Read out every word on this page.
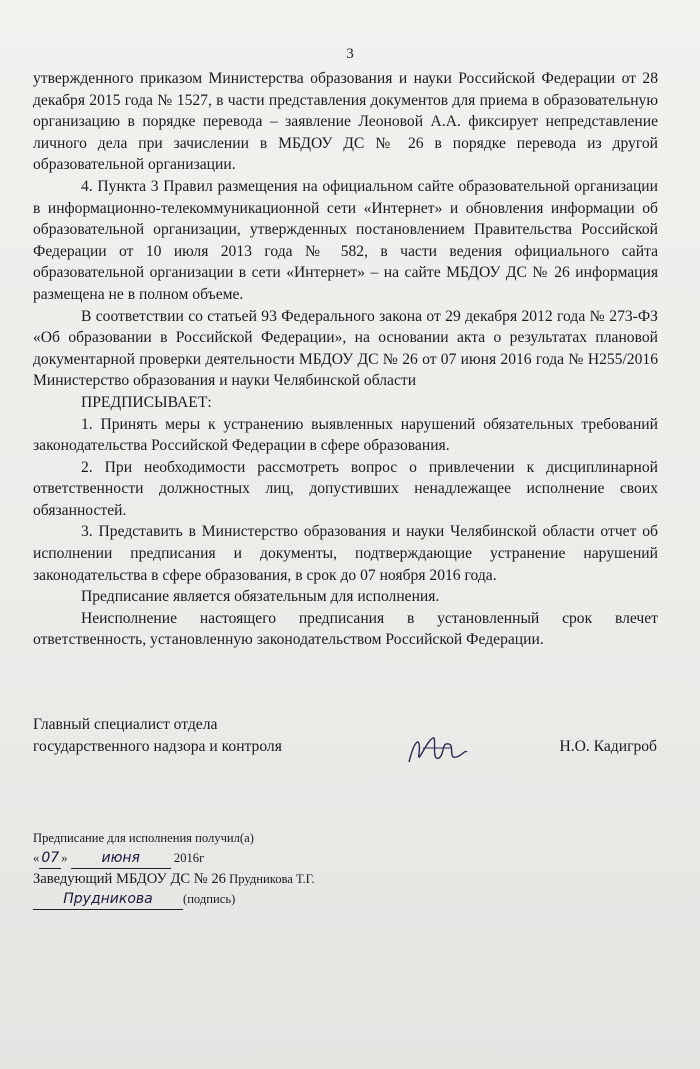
3

утвержденного приказом Министерства образования и науки Российской Федерации от 28 декабря 2015 года № 1527, в части представления документов для приема в образовательную организацию в порядке перевода – заявление Леоновой А.А. фиксирует непредставление личного дела при зачислении в МБДОУ ДС № 26 в порядке перевода из другой образовательной организации.

4. Пункта 3 Правил размещения на официальном сайте образовательной организации в информационно-телекоммуникационной сети «Интернет» и обновления информации об образовательной организации, утвержденных постановлением Правительства Российской Федерации от 10 июля 2013 года № 582, в части ведения официального сайта образовательной организации в сети «Интернет» – на сайте МБДОУ ДС № 26 информация размещена не в полном объеме.

В соответствии со статьей 93 Федерального закона от 29 декабря 2012 года № 273-ФЗ «Об образовании в Российской Федерации», на основании акта о результатах плановой документарной проверки деятельности МБДОУ ДС № 26 от 07 июня 2016 года № Н255/2016 Министерство образования и науки Челябинской области

ПРЕДПИСЫВАЕТ:

1. Принять меры к устранению выявленных нарушений обязательных требований законодательства Российской Федерации в сфере образования.

2. При необходимости рассмотреть вопрос о привлечении к дисциплинарной ответственности должностных лиц, допустивших ненадлежащее исполнение своих обязанностей.

3. Представить в Министерство образования и науки Челябинской области отчет об исполнении предписания и документы, подтверждающие устранение нарушений законодательства в сфере образования, в срок до 07 ноября 2016 года.

Предписание является обязательным для исполнения.

Неисполнение настоящего предписания в установленный срок влечет ответственность, установленную законодательством Российской Федерации.

Главный специалист отдела
государственного надзора и контроля	Н.О. Кадигроб
Предписание для исполнения получил(а)
« 07 » июня	2016г
Заведующий МБДОУ ДС № 26 Прудникова Т.Г.
Прудникова (подпись)
